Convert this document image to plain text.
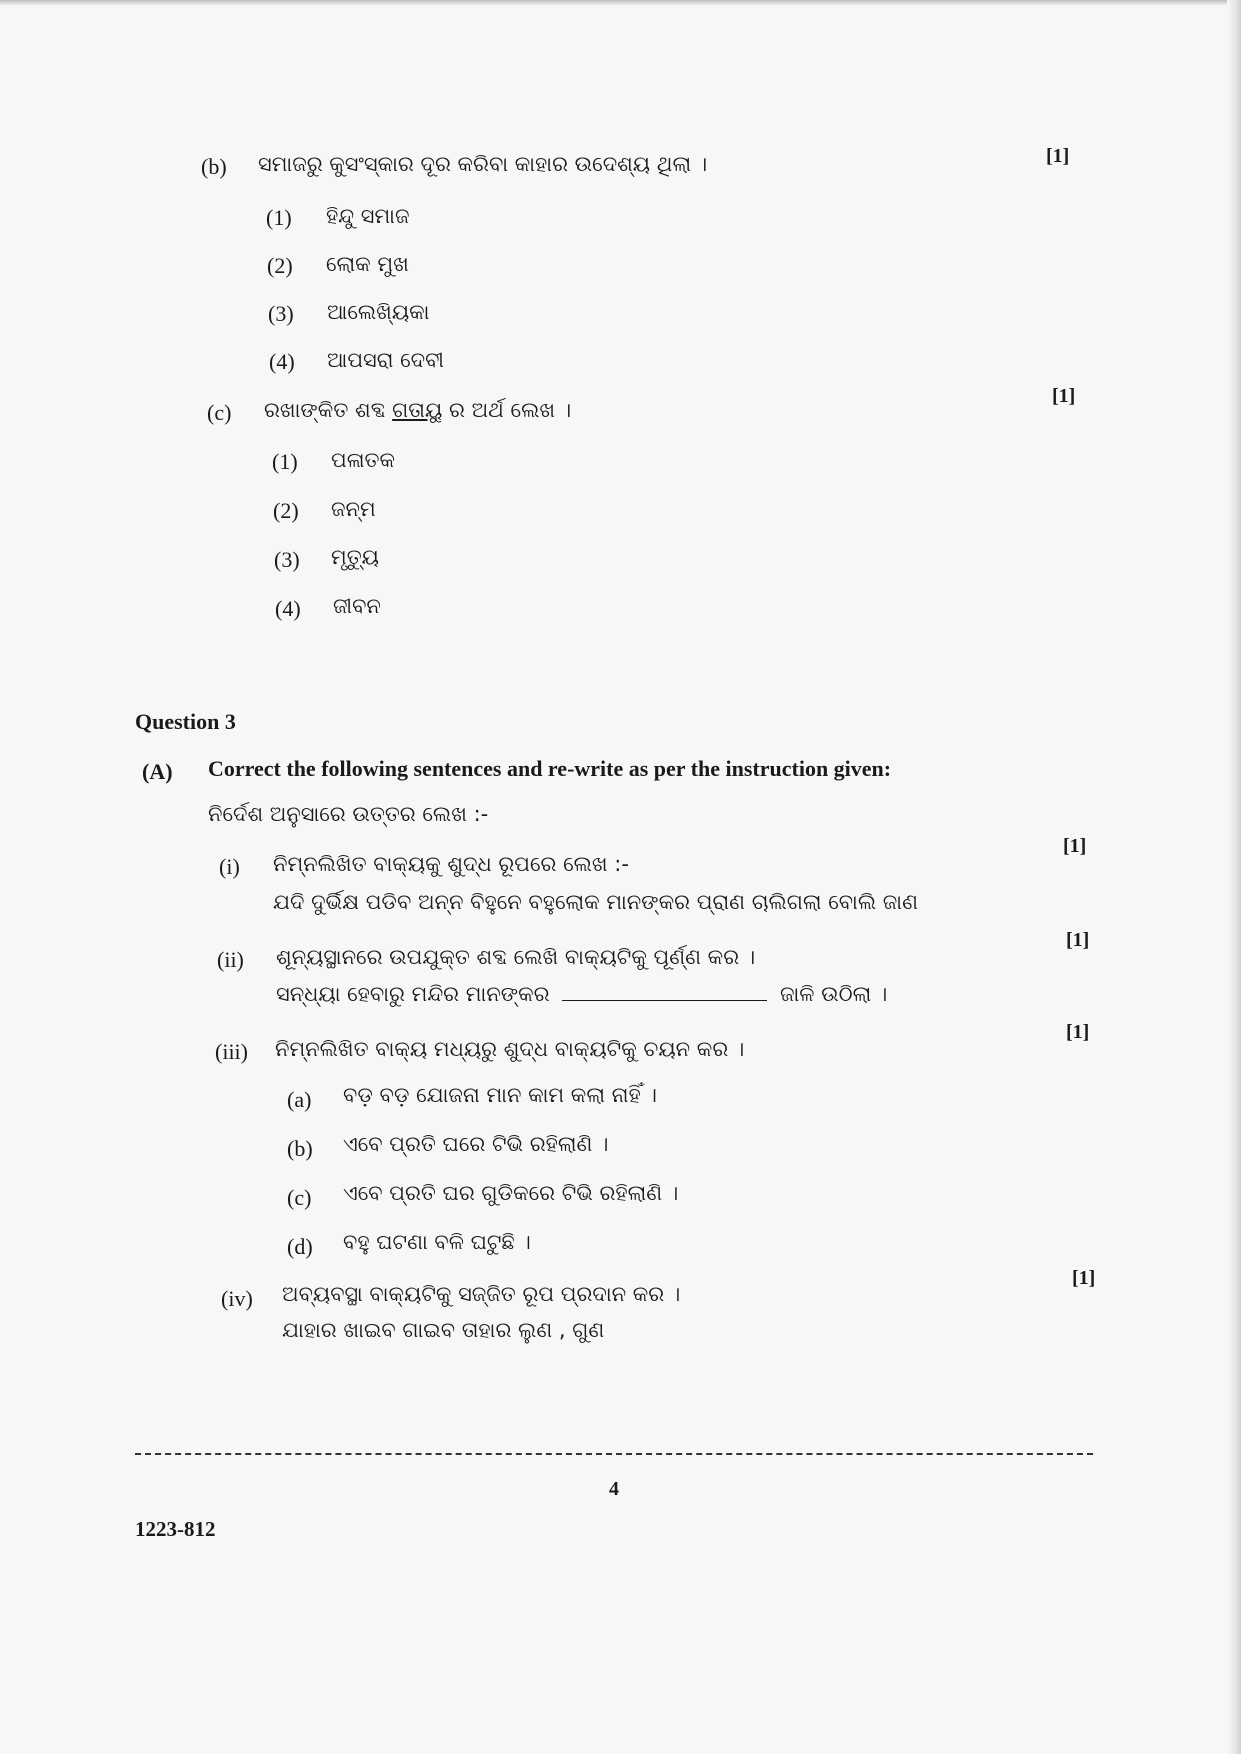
(b) ସମାଜରୁ କୁସଂସ୍କାର ଦୂର କରିବା କାହାର ଉଦେଶ୍ୟ ଥିଲା ।	[1]
(1) ହିନ୍ଦୁ ସମାଜ
(2) ଲୋକ ମୁଖ
(3) ଆଲେଖ୍ୟିକା
(4) ଆପସରା ଦେବୀ
(c) ରଖାଙ୍କିତ ଶବ୍ଦ ଗତାୟୁ ର ଅର୍ଥ ଲେଖ ।
[1]
(1) ପଳାତକ
(2) ଜନ୍ମ
(3) ମୃତ୍ୟୁ
(4) ଜୀବନ
Question 3
(A) Correct the following sentences and re-write as per the instruction given:
ନିର୍ଦେଶ ଅନୁସାରେ ଉତ୍ତର ଲେଖ :-
(i) ନିମ୍ନଲିଖିତ ବାକ୍ୟକୁ ଶୁଦ୍ଧ ରୂପରେ ଲେଖ :-
[1]
ଯଦି ଦୁର୍ଭିକ୍ଷ ପଡିବ ଅନ୍ନ ବିହୁନେ ବହୁଲୋକ ମାନଙ୍କର ପ୍ରାଣ ଚାଲିଗଲା ବୋଲି ଜାଣ
(ii) ଶୂନ୍ୟସ୍ଥାନରେ ଉପଯୁକ୍ତ ଶବ୍ଦ ଲେଖି ବାକ୍ୟଟିକୁ ପୂର୍ଣ୍ଣ କର ।
[1]
ସନ୍ଧ୍ୟା ହେବାରୁ ମନ୍ଦିର ମାନଙ୍କର	ଜାଳି ଉଠିଲା ।
(iii) ନିମ୍ନଲିଖିତ ବାକ୍ୟ ମଧ୍ୟରୁ ଶୁଦ୍ଧ ବାକ୍ୟଟିକୁ ଚୟନ କର ।
[1]
(a) ବଡ଼ ବଡ଼ ଯୋଜନା ମାନ କାମ କଲା ନାହିଁ ।
(b) ଏବେ ପ୍ରତି ଘରେ ଟିଭି ରହିଲାଣି ।
(c) ଏବେ ପ୍ରତି ଘର ଗୁଡିକରେ ଟିଭି ରହିଲାଣି ।
(d) ବହୁ ଘଟଣା ବଳି ଘଟୁଛି ।
(iv) ଅବ୍ୟବସ୍ଥା ବାକ୍ୟଟିକୁ ସଜ୍ଜିତ ରୂପ ପ୍ରଦାନ କର ।
[1]
ଯାହାର ଖାଇବ ଗାଇବ ତାହାର ଲୁଣ , ଗୁଣ
4
1223-812
